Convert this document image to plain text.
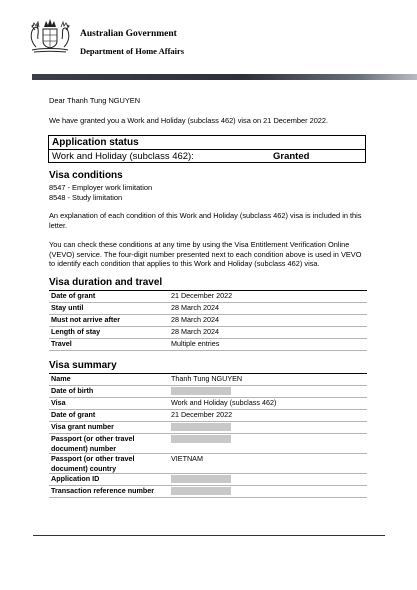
Australian Government
Department of Home Affairs

Dear Thanh Tung NGUYEN

We have granted you a Work and Holiday (subclass 462) visa on 21 December 2022.

Application status
Work and Holiday (subclass 462):	Granted
Visa conditions

8547 - Employer work limitation

8548 - Study limitation

An explanation of each condition of this Work and Holiday (subclass 462) visa is included in this letter.

You can check these conditions at any time by using the Visa Entitlement Verification Online (VEVO) service. The four-digit number presented next to each condition above is used in VEVO to identify each condition that applies to this Work and Holiday (subclass 462) visa.

Visa duration and travel

Date of grant	21 December 2022
Stay until	28 March 2024
Must not arrive after	28 March 2024
Length of stay	28 March 2024
Travel	Multiple entries
Visa summary

Name	Thanh Tung NGUYEN
Date of birth	
Visa	Work and Holiday (subclass 462)
Date of grant	21 December 2022
Visa grant number	
Passport (or other travel document) number	
Passport (or other travel document) country	VIETNAM
Application ID	
Transaction reference number	
